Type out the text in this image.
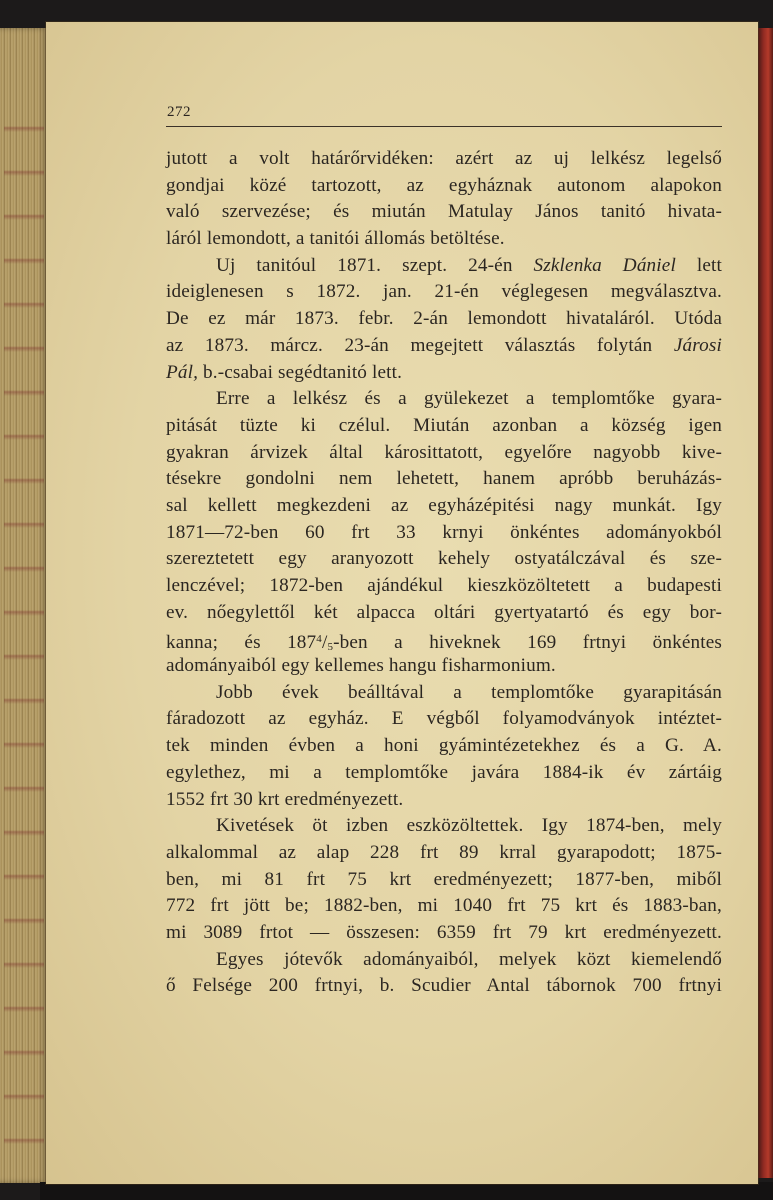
272
jutott a volt határőrvidéken: azért az uj lelkész legelső
gondjai közé tartozott, az egyháznak autonom alapokon
való szervezése; és miután Matulay János tanitó hivata-
láról lemondott, a tanitói állomás betöltése.
Uj tanitóul 1871. szept. 24-én Szklenka Dániel lett
ideiglenesen s 1872. jan. 21-én véglegesen megválasztva.
De ez már 1873. febr. 2-án lemondott hivataláról. Utóda
az 1873. márcz. 23-án megejtett választás folytán Járosi
Pál, b.-csabai segédtanitó lett.
Erre a lelkész és a gyülekezet a templomtőke gyara-
pitását tüzte ki czélul. Miután azonban a község igen
gyakran árvizek által károsittatott, egyelőre nagyobb kive-
tésekre gondolni nem lehetett, hanem apróbb beruházás-
sal kellett megkezdeni az egyházépitési nagy munkát. Igy
1871—72-ben 60 frt 33 krnyi önkéntes adományokból
szereztetett egy aranyozott kehely ostyatálczával és sze-
lenczével; 1872-ben ajándékul kieszközöltetett a budapesti
ev. nőegylettől két alpacca oltári gyertyatartó és egy bor-
kanna; és $187^4/5$-ben a hiveknek 169 frtnyi önkéntes
adományaiból egy kellemes hangu fisharmonium.
Jobb évek beálltával a templomtőke gyarapitásán
fáradozott az egyház. E végből folyamodványok intéztet-
tek minden évben a honi gyámintézetekhez és a G. A.
egylethez, mi a templomtőke javára 1884-ik év zártáig
1552 frt 30 krt eredményezett.
Kivetések öt izben eszközöltettek. Igy 1874-ben, mely
alkalommal az alap 228 frt 89 krral gyarapodott; 1875-
ben, mi 81 frt 75 krt eredményezett; 1877-ben, miből
772 frt jött be; 1882-ben, mi 1040 frt 75 krt és 1883-ban,
mi 3089 frtot — összesen: 6359 frt 79 krt eredményezett.
Egyes jótevők adományaiból, melyek közt kiemelendő
ő Felsége 200 frtnyi, b. Scudier Antal tábornok 700 frtnyi
